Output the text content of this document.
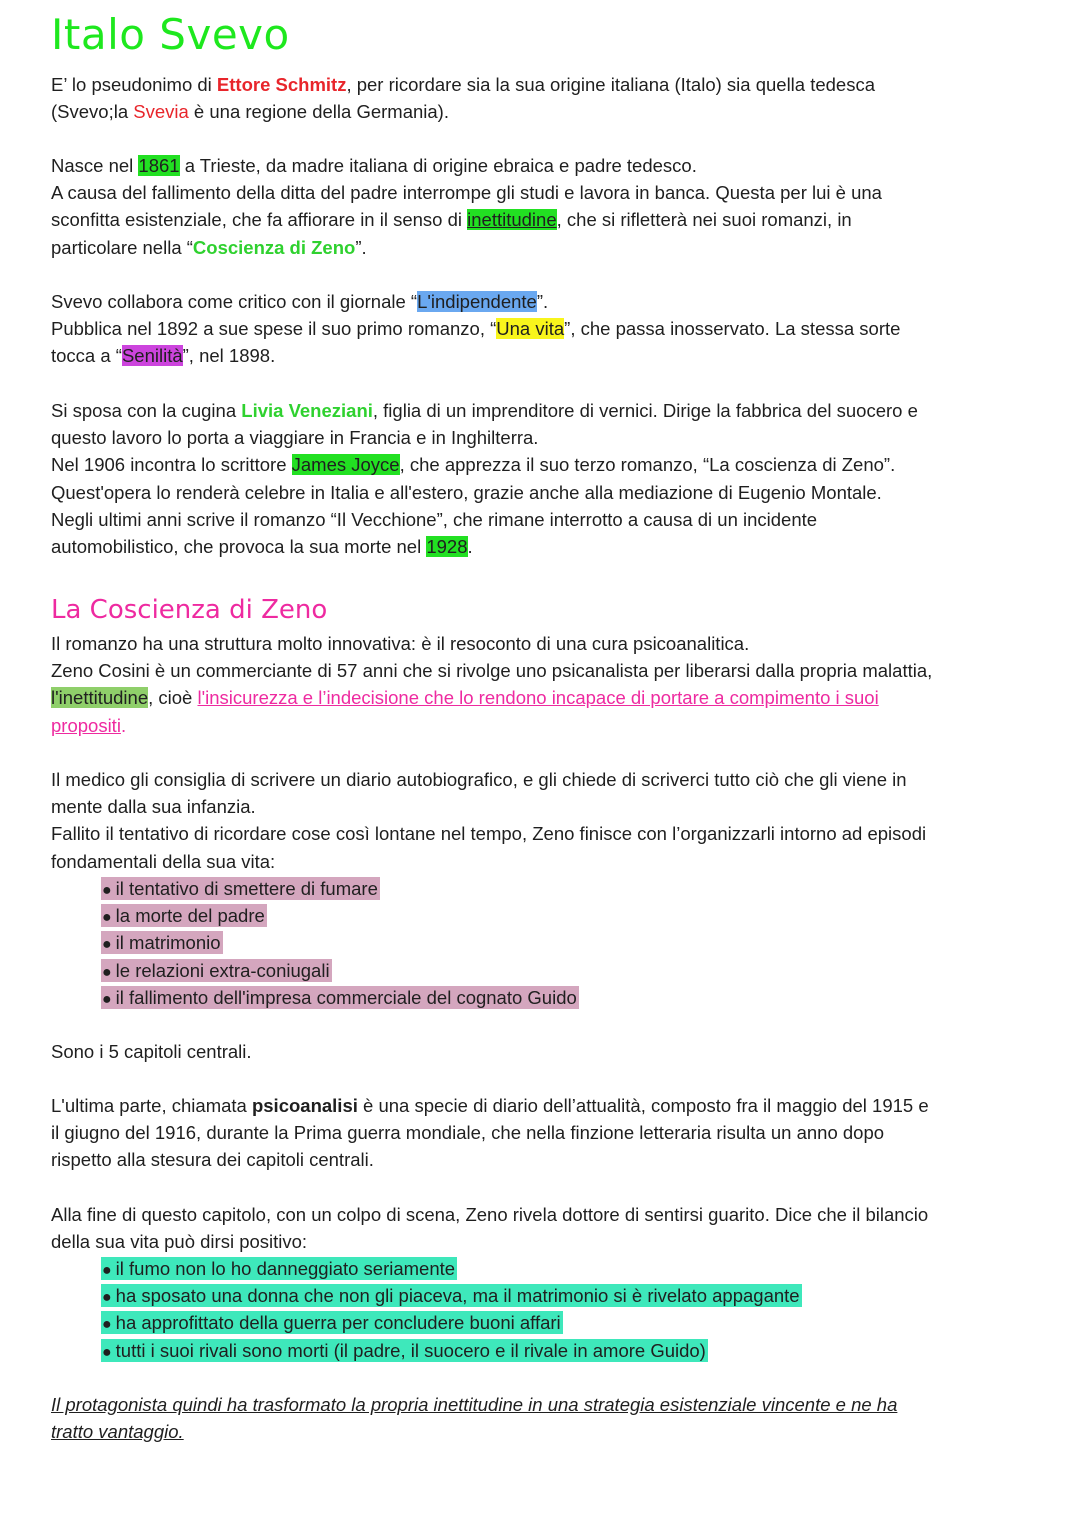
Italo Svevo

E’ lo pseudonimo di Ettore Schmitz, per ricordare sia la sua origine italiana (Italo) sia quella tedesca
(Svevo;la Svevia è una regione della Germania).

Nasce nel 1861 a Trieste, da madre italiana di origine ebraica e padre tedesco.
A causa del fallimento della ditta del padre interrompe gli studi e lavora in banca. Questa per lui è una
sconfitta esistenziale, che fa affiorare in il senso di inettitudine, che si rifletterà nei suoi romanzi, in
particolare nella “Coscienza di Zeno”.

Svevo collabora come critico con il giornale “L'indipendente”.
Pubblica nel 1892 a sue spese il suo primo romanzo, “Una vita”, che passa inosservato. La stessa sorte
tocca a “Senilità”, nel 1898.

Si sposa con la cugina Livia Veneziani, figlia di un imprenditore di vernici. Dirige la fabbrica del suocero e
questo lavoro lo porta a viaggiare in Francia e in Inghilterra.
Nel 1906 incontra lo scrittore James Joyce, che apprezza il suo terzo romanzo, “La coscienza di Zeno”.
Quest'opera lo renderà celebre in Italia e all'estero, grazie anche alla mediazione di Eugenio Montale.
Negli ultimi anni scrive il romanzo “Il Vecchione”, che rimane interrotto a causa di un incidente
automobilistico, che provoca la sua morte nel 1928.

La Coscienza di Zeno

Il romanzo ha una struttura molto innovativa: è il resoconto di una cura psicoanalitica.
Zeno Cosini è un commerciante di 57 anni che si rivolge uno psicanalista per liberarsi dalla propria malattia,
l'inettitudine, cioè l'insicurezza e l’indecisione che lo rendono incapace di portare a compimento i suoi
propositi.

Il medico gli consiglia di scrivere un diario autobiografico, e gli chiede di scriverci tutto ciò che gli viene in
mente dalla sua infanzia.
Fallito il tentativo di ricordare cose così lontane nel tempo, Zeno finisce con l’organizzarli intorno ad episodi
fondamentali della sua vita:

● il tentativo di smettere di fumare
● la morte del padre
● il matrimonio
● le relazioni extra-coniugali
● il fallimento dell'impresa commerciale del cognato Guido

Sono i 5 capitoli centrali.

L'ultima parte, chiamata psicoanalisi è una specie di diario dell’attualità, composto fra il maggio del 1915 e
il giugno del 1916, durante la Prima guerra mondiale, che nella finzione letteraria risulta un anno dopo
rispetto alla stesura dei capitoli centrali.

Alla fine di questo capitolo, con un colpo di scena, Zeno rivela dottore di sentirsi guarito. Dice che il bilancio
della sua vita può dirsi positivo:

● il fumo non lo ho danneggiato seriamente
● ha sposato una donna che non gli piaceva, ma il matrimonio si è rivelato appagante
● ha approfittato della guerra per concludere buoni affari
● tutti i suoi rivali sono morti (il padre, il suocero e il rivale in amore Guido)

Il protagonista quindi ha trasformato la propria inettitudine in una strategia esistenziale vincente e ne ha
tratto vantaggio.
